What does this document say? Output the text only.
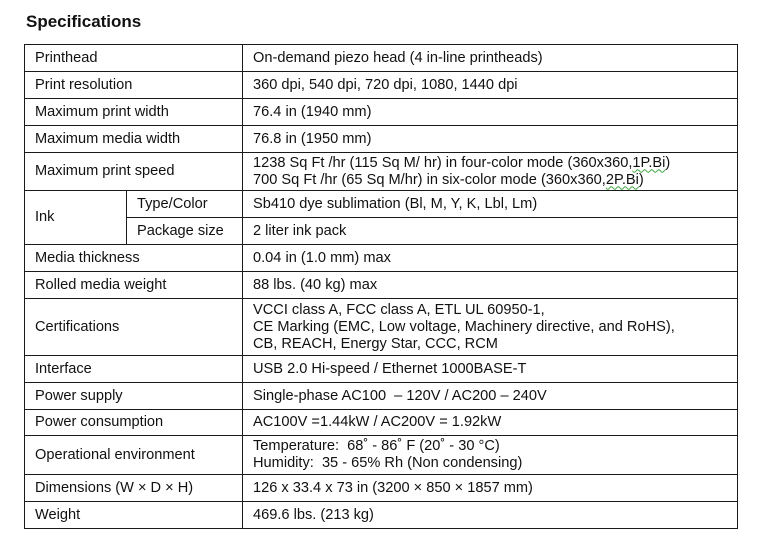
Specifications
Printhead		On-demand piezo head (4 in-line printheads)
Print resolution		360 dpi, 540 dpi, 720 dpi, 1080, 1440 dpi
Maximum print width		76.4 in (1940 mm)
Maximum media width		76.8 in (1950 mm)
Maximum print speed		1238 Sq Ft /hr (115 Sq M/ hr) in four-color mode (360x360,1P.Bi)
700 Sq Ft /hr (65 Sq M/hr) in six-color mode (360x360,2P.Bi)

Ink	Type/Color	Sb410 dye sublimation (Bl, M, Y, K, Lbl, Lm)
	Package size	2 liter ink pack
Media thickness		0.04 in (1.0 mm) max
Rolled media weight		88 lbs. (40 kg) max
Certifications		VCCI class A, FCC class A, ETL UL 60950-1,
CE Marking (EMC, Low voltage, Machinery directive, and RoHS),
CB, REACH, Energy Star, CCC, RCM

Interface		USB 2.0 Hi-speed / Ethernet 1000BASE-T
Power supply		Single-phase AC100  – 120V / AC200 – 240V
Power consumption		AC100V =1.44kW / AC200V = 1.92kW
Operational environment		Temperature:  68˚ - 86˚ F (20˚ - 30 °C)
Humidity:  35 - 65% Rh (Non condensing)

Dimensions (W × D × H)		126 x 33.4 x 73 in (3200 × 850 × 1857 mm)
Weight		469.6 lbs. (213 kg)
